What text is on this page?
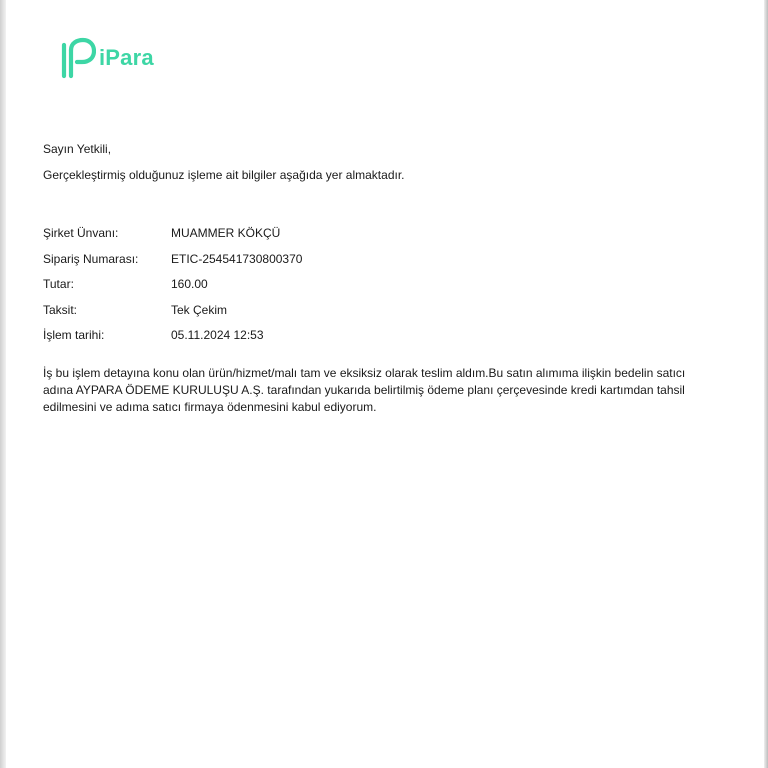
iPara
Sayın Yetkili,
Gerçekleştirmiş olduğunuz işleme ait bilgiler aşağıda yer almaktadır.
Şirket Ünvanı:	MUAMMER KÖKÇÜ
Sipariş Numarası:	ETIC-254541730800370
Tutar:	160.00
Taksit:	Tek Çekim
İşlem tarihi:	05.11.2024 12:53
İş bu işlem detayına konu olan ürün/hizmet/malı tam ve eksiksiz olarak teslim aldım.Bu satın alımıma ilişkin bedelin satıcı
adına AYPARA ÖDEME KURULUŞU A.Ş. tarafından yukarıda belirtilmiş ödeme planı çerçevesinde kredi kartımdan tahsil
edilmesini ve adıma satıcı firmaya ödenmesini kabul ediyorum.
